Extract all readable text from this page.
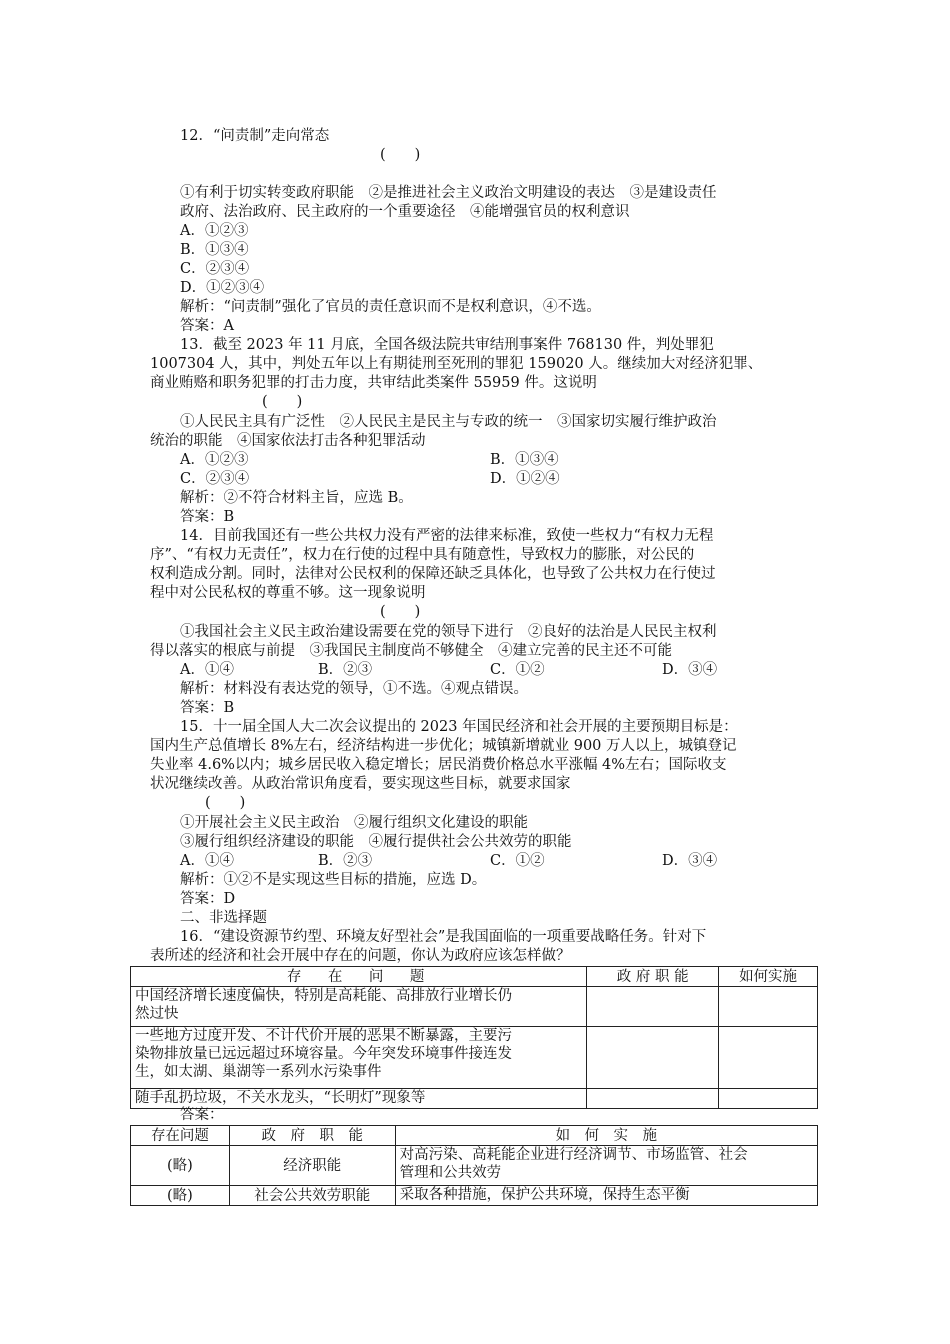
12．“问责制”走向常态
(　　)
①有利于切实转变政府职能　②是推进社会主义政治文明建设的表达　③是建设责任
政府、法治政府、民主政府的一个重要途径　④能增强官员的权利意识
A．①②③
B．①③④
C．②③④
D．①②③④
解析：“问责制”强化了官员的责任意识而不是权利意识，④不选。
答案：A
13．截至 2023 年 11 月底，全国各级法院共审结刑事案件 768130 件，判处罪犯
1007304 人，其中，判处五年以上有期徒刑至死刑的罪犯 159020 人。继续加大对经济犯罪、
商业贿赂和职务犯罪的打击力度，共审结此类案件 55959 件。这说明
(　　)
①人民民主具有广泛性　②人民民主是民主与专政的统一　③国家切实履行维护政治
统治的职能　④国家依法打击各种犯罪活动
A．①②③	B．①③④
C．②③④	D．①②④
解析：②不符合材料主旨，应选 B。
答案：B
14．目前我国还有一些公共权力没有严密的法律来标准，致使一些权力“有权力无程
序”、“有权力无责任”，权力在行使的过程中具有随意性，导致权力的膨胀，对公民的
权利造成分割。同时，法律对公民权利的保障还缺乏具体化，也导致了公共权力在行使过
程中对公民私权的尊重不够。这一现象说明
(　　)
①我国社会主义民主政治建设需要在党的领导下进行　②良好的法治是人民民主权利
得以落实的根底与前提　③我国民主制度尚不够健全　④建立完善的民主还不可能
A．①④	B．②③	C．①②	D．③④
解析：材料没有表达党的领导，①不选。④观点错误。
答案：B
15．十一届全国人大二次会议提出的 2023 年国民经济和社会开展的主要预期目标是：
国内生产总值增长 8%左右，经济结构进一步优化；城镇新增就业 900 万人以上，城镇登记
失业率 4.6%以内；城乡居民收入稳定增长；居民消费价格总水平涨幅 4%左右；国际收支
状况继续改善。从政治常识角度看，要实现这些目标，就要求国家
(　　)
①开展社会主义民主政治　②履行组织文化建设的职能
③履行组织经济建设的职能　④履行提供社会公共效劳的职能
A．①④	B．②③	C．①②	D．③④
解析：①②不是实现这些目标的措施，应选 D。
答案：D
二、非选择题
16．“建设资源节约型、环境友好型社会”是我国面临的一项重要战略任务。针对下
表所述的经济和社会开展中存在的问题，你认为政府应该怎样做？
存　在　问　题	政 府 职 能	如何实施

中国经济增长速度偏快，特别是高耗能、高排放行业增长仍
然过快		

一些地方过度开发、不计代价开展的恶果不断暴露，主要污
染物排放量已远远超过环境容量。今年突发环境事件接连发
生，如太湖、巢湖等一系列水污染事件		

随手乱扔垃圾，不关水龙头，“长明灯”现象等		

答案：
存在问题	政　府　职　能	如　何　实　施
(略)	经济职能	对高污染、高耗能企业进行经济调节、市场监管、社会
管理和公共效劳

(略)	社会公共效劳职能	采取各种措施，保护公共环境，保持生态平衡
